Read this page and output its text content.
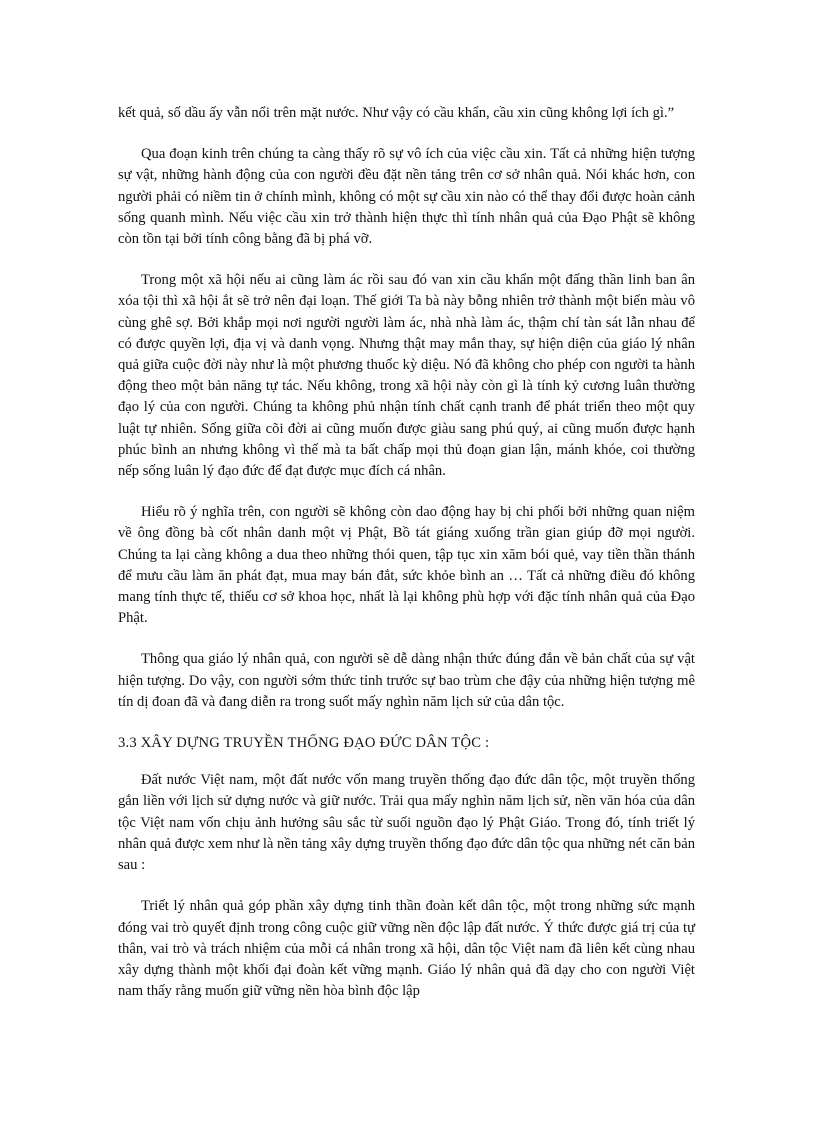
kết quả, số dầu ấy vẫn nổi trên mặt nước. Như vậy có cầu khẩn, cầu xin cũng không lợi ích gì.”

Qua đoạn kinh trên chúng ta càng thấy rõ sự vô ích của việc cầu xin. Tất cả những hiện tượng sự vật, những hành động của con người đều đặt nền tảng trên cơ sở nhân quả. Nói khác hơn, con người phải có niềm tin ở chính mình, không có một sự cầu xin nào có thể thay đổi được hoàn cảnh sống quanh mình. Nếu việc cầu xin trở thành hiện thực thì tính nhân quả của Đạo Phật sẽ không còn tồn tại bởi tính công bằng đã bị phá vỡ.

Trong một xã hội nếu ai cũng làm ác rồi sau đó van xin cầu khẩn một đấng thần linh ban ân xóa tội thì xã hội ắt sẽ trở nên đại loạn. Thế giới Ta bà này bỗng nhiên trở thành một biển màu vô cùng ghê sợ. Bởi khắp mọi nơi người người làm ác, nhà nhà làm ác, thậm chí tàn sát lẫn nhau để có được quyền lợi, địa vị và danh vọng. Nhưng thật may mắn thay, sự hiện diện của giáo lý nhân quả giữa cuộc đời này như là một phương thuốc kỳ diệu. Nó đã không cho phép con người ta hành động theo một bản năng tự tác. Nếu không, trong xã hội này còn gì là tính kỷ cương luân thường đạo lý của con người. Chúng ta không phủ nhận tính chất cạnh tranh để phát triển theo một quy luật tự nhiên. Sống giữa cõi đời ai cũng muốn được giàu sang phú quý, ai cũng muốn được hạnh phúc bình an nhưng không vì thế mà ta bất chấp mọi thủ đoạn gian lận, mánh khóe, coi thường nếp sống luân lý đạo đức để đạt được mục đích cá nhân.

Hiểu rõ ý nghĩa trên, con người sẽ không còn dao động hay bị chi phối bởi những quan niệm về ông đồng bà cốt nhân danh một vị Phật, Bồ tát giáng xuống trần gian giúp đỡ mọi người. Chúng ta lại càng không a dua theo những thói quen, tập tục xin xăm bói quẻ, vay tiền thần thánh để mưu cầu làm ăn phát đạt, mua may bán đắt, sức khỏe bình an … Tất cả những điều đó không mang tính thực tế, thiếu cơ sở khoa học, nhất là lại không phù hợp với đặc tính nhân quả của Đạo Phật.

Thông qua giáo lý nhân quả, con người sẽ dễ dàng nhận thức đúng đắn về bản chất của sự vật hiện tượng. Do vậy, con người sớm thức tỉnh trước sự bao trùm che đậy của những hiện tượng mê tín dị đoan đã và đang diễn ra trong suốt mấy nghìn năm lịch sử của dân tộc.

3.3 XÂY DỰNG TRUYỀN THỐNG ĐẠO ĐỨC DÂN TỘC :

Đất nước Việt nam, một đất nước vốn mang truyền thống đạo đức dân tộc, một truyền thống gắn liền với lịch sử dựng nước và giữ nước. Trải qua mấy nghìn năm lịch sử, nền văn hóa của dân tộc Việt nam vốn chịu ảnh hưởng sâu sắc từ suối nguồn đạo lý Phật Giáo. Trong đó, tính triết lý nhân quả được xem như là nền tảng xây dựng truyền thống đạo đức dân tộc qua những nét căn bản sau :

Triết lý nhân quả góp phần xây dựng tinh thần đoàn kết dân tộc, một trong những sức mạnh đóng vai trò quyết định trong công cuộc giữ vững nền độc lập đất nước. Ý thức được giá trị của tự thân, vai trò và trách nhiệm của mỗi cá nhân trong xã hội, dân tộc Việt nam đã liên kết cùng nhau xây dựng thành một khối đại đoàn kết vững mạnh. Giáo lý nhân quả đã dạy cho con người Việt nam thấy rằng muốn giữ vững nền hòa bình độc lập
